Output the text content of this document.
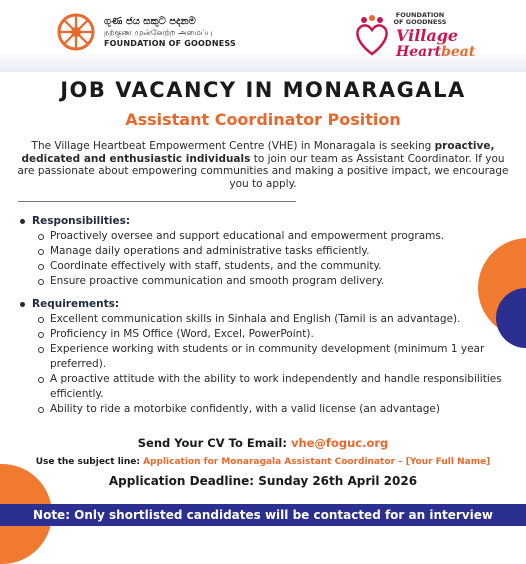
ගුණ ජය සකුට පදනම
நற்குண முன்னேற்ற அமைப்பு
FOUNDATION OF GOODNESS
FOUNDATION OF GOODNESS
Village
Heartbeat
JOB VACANCY IN MONARAGALA
Assistant Coordinator Position
The Village Heartbeat Empowerment Centre (VHE) in Monaragala is seeking proactive, dedicated and enthusiastic individuals to join our team as Assistant Coordinator. If you are passionate about empowering communities and making a positive impact, we encourage you to apply.
Responsibilities:
Proactively oversee and support educational and empowerment programs.
Manage daily operations and administrative tasks efficiently.
Coordinate effectively with staff, students, and the community.
Ensure proactive communication and smooth program delivery.
Requirements:
Excellent communication skills in Sinhala and English (Tamil is an advantage).
Proficiency in MS Office (Word, Excel, PowerPoint).
Experience working with students or in community development (minimum 1 year preferred).
A proactive attitude with the ability to work independently and handle responsibilities efficiently.
Ability to ride a motorbike confidently, with a valid license (an advantage)
Send Your CV To Email: vhe@foguc.org
Use the subject line: Application for Monaragala Assistant Coordinator – [Your Full Name]
Application Deadline: Sunday 26th April 2026
Note: Only shortlisted candidates will be contacted for an interview
